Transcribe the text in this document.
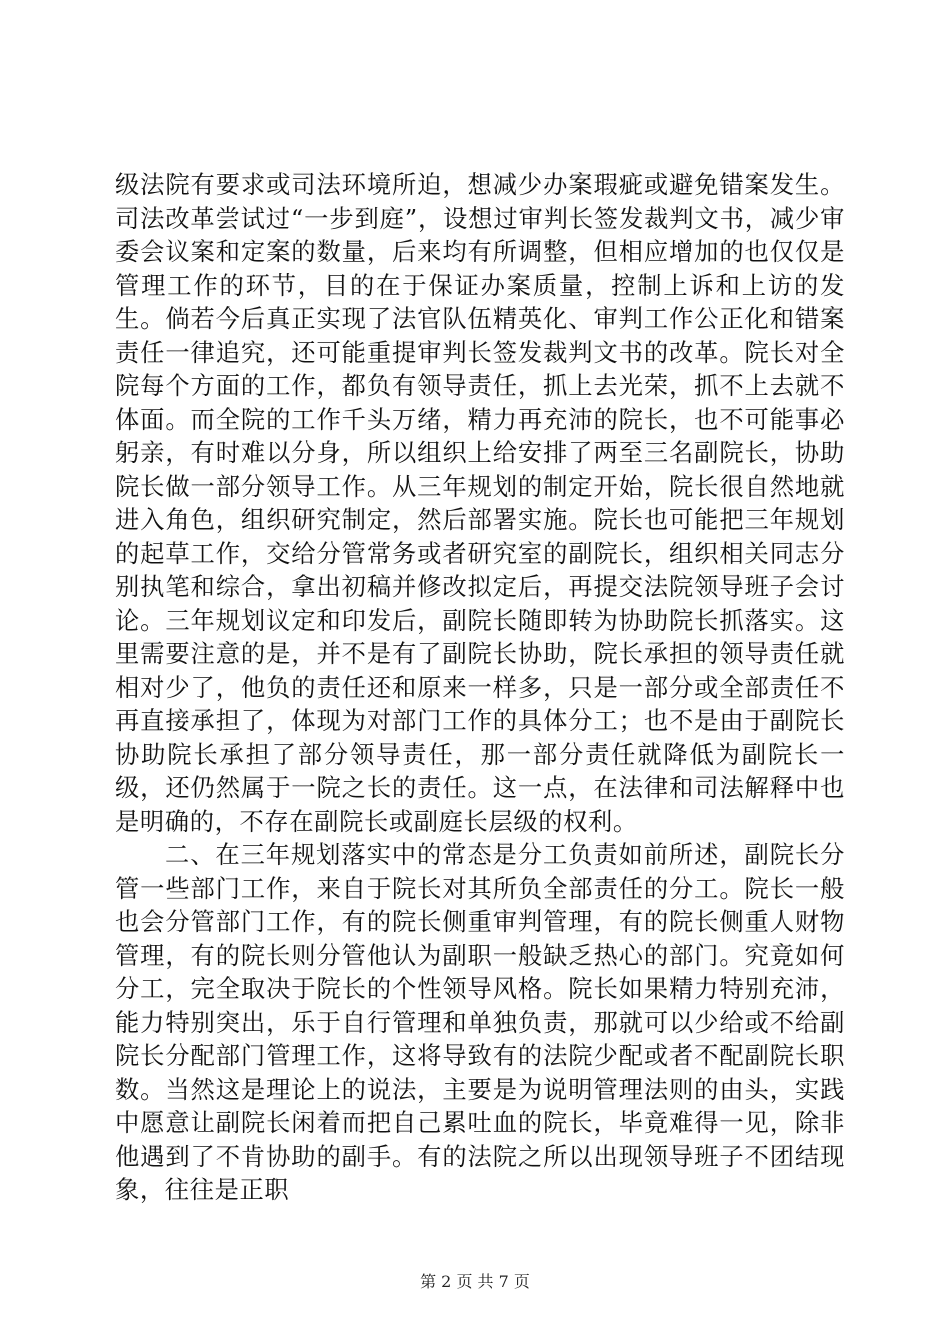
级法院有要求或司法环境所迫，想减少办案瑕疵或避免错案发生。司法改革尝试过“一步到庭”，设想过审判长签发裁判文书，减少审委会议案和定案的数量，后来均有所调整，但相应增加的也仅仅是管理工作的环节，目的在于保证办案质量，控制上诉和上访的发生。倘若今后真正实现了法官队伍精英化、审判工作公正化和错案责任一律追究，还可能重提审判长签发裁判文书的改革。院长对全院每个方面的工作，都负有领导责任，抓上去光荣，抓不上去就不体面。而全院的工作千头万绪，精力再充沛的院长，也不可能事必躬亲，有时难以分身，所以组织上给安排了两至三名副院长，协助院长做一部分领导工作。从三年规划的制定开始，院长很自然地就进入角色，组织研究制定，然后部署实施。院长也可能把三年规划的起草工作，交给分管常务或者研究室的副院长，组织相关同志分别执笔和综合，拿出初稿并修改拟定后，再提交法院领导班子会讨论。三年规划议定和印发后，副院长随即转为协助院长抓落实。这里需要注意的是，并不是有了副院长协助，院长承担的领导责任就相对少了，他负的责任还和原来一样多，只是一部分或全部责任不再直接承担了，体现为对部门工作的具体分工；也不是由于副院长协助院长承担了部分领导责任，那一部分责任就降低为副院长一级，还仍然属于一院之长的责任。这一点，在法律和司法解释中也是明确的，不存在副院长或副庭长层级的权利。

二、在三年规划落实中的常态是分工负责如前所述，副院长分管一些部门工作，来自于院长对其所负全部责任的分工。院长一般也会分管部门工作，有的院长侧重审判管理，有的院长侧重人财物管理，有的院长则分管他认为副职一般缺乏热心的部门。究竟如何分工，完全取决于院长的个性领导风格。院长如果精力特别充沛，能力特别突出，乐于自行管理和单独负责，那就可以少给或不给副院长分配部门管理工作，这将导致有的法院少配或者不配副院长职数。当然这是理论上的说法，主要是为说明管理法则的由头，实践中愿意让副院长闲着而把自己累吐血的院长，毕竟难得一见，除非他遇到了不肯协助的副手。有的法院之所以出现领导班子不团结现象，往往是正职

第 2 页 共 7 页
